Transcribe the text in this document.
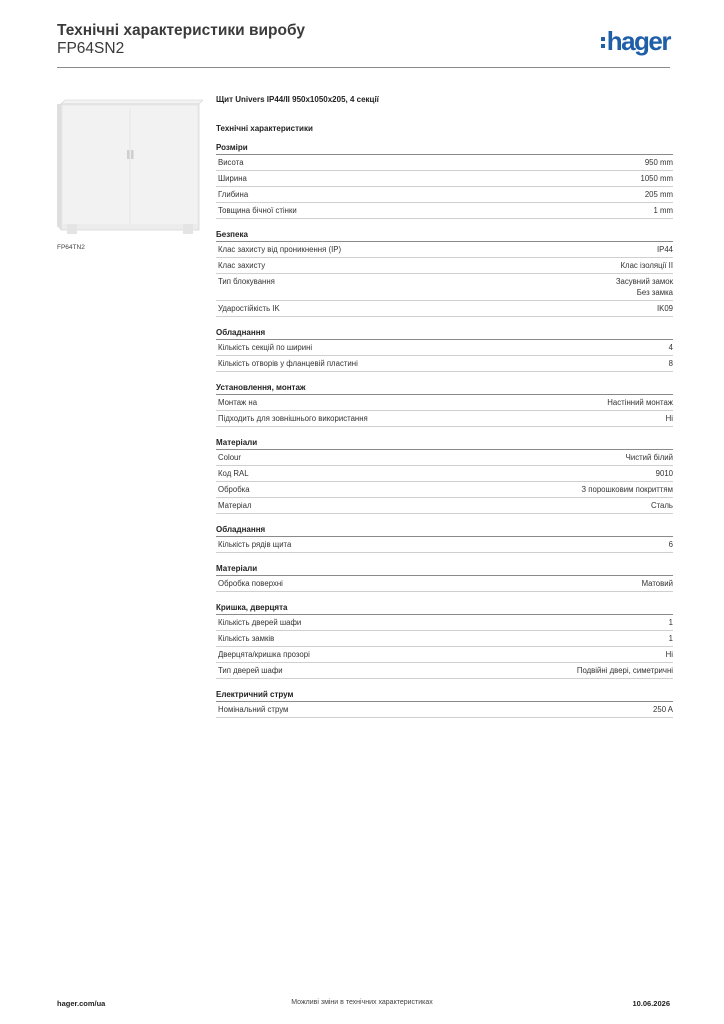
Технічні характеристики виробу
FP64SN2	hager
FP64TN2
Щит Univers IP44/II 950x1050x205, 4 секції
Технічні характеристики
Розміри
Висота	950 mm
Ширина	1050 mm
Глибина	205 mm
Товщина бічної стінки	1 mm
Безпека
Клас захисту від проникнення (IP)	IP44
Клас захисту	Клас ізоляції II
Тип блокування	Засувний замок
Без замка
Ударостійкість IK	IK09
Обладнання
Кількість секцій по ширині	4
Кількість отворів у фланцевій пластині	8
Установлення, монтаж
Монтаж на	Настінний монтаж
Підходить для зовнішнього використання	Ні
Матеріали
Colour	Чистий білий
Код RAL	9010
Обробка	З порошковим покриттям
Матеріал	Сталь
Обладнання
Кількість рядів щита	6
Матеріали
Обробка поверхні	Матовий
Кришка, дверцята
Кількість дверей шафи	1
Кількість замків	1
Дверцята/кришка прозорі	Ні
Тип дверей шафи	Подвійні двері, симетричні
Електричний струм
Номінальний струм	250 A
hager.com/ua	Можливі зміни в технічних характеристиках	10.06.2026
